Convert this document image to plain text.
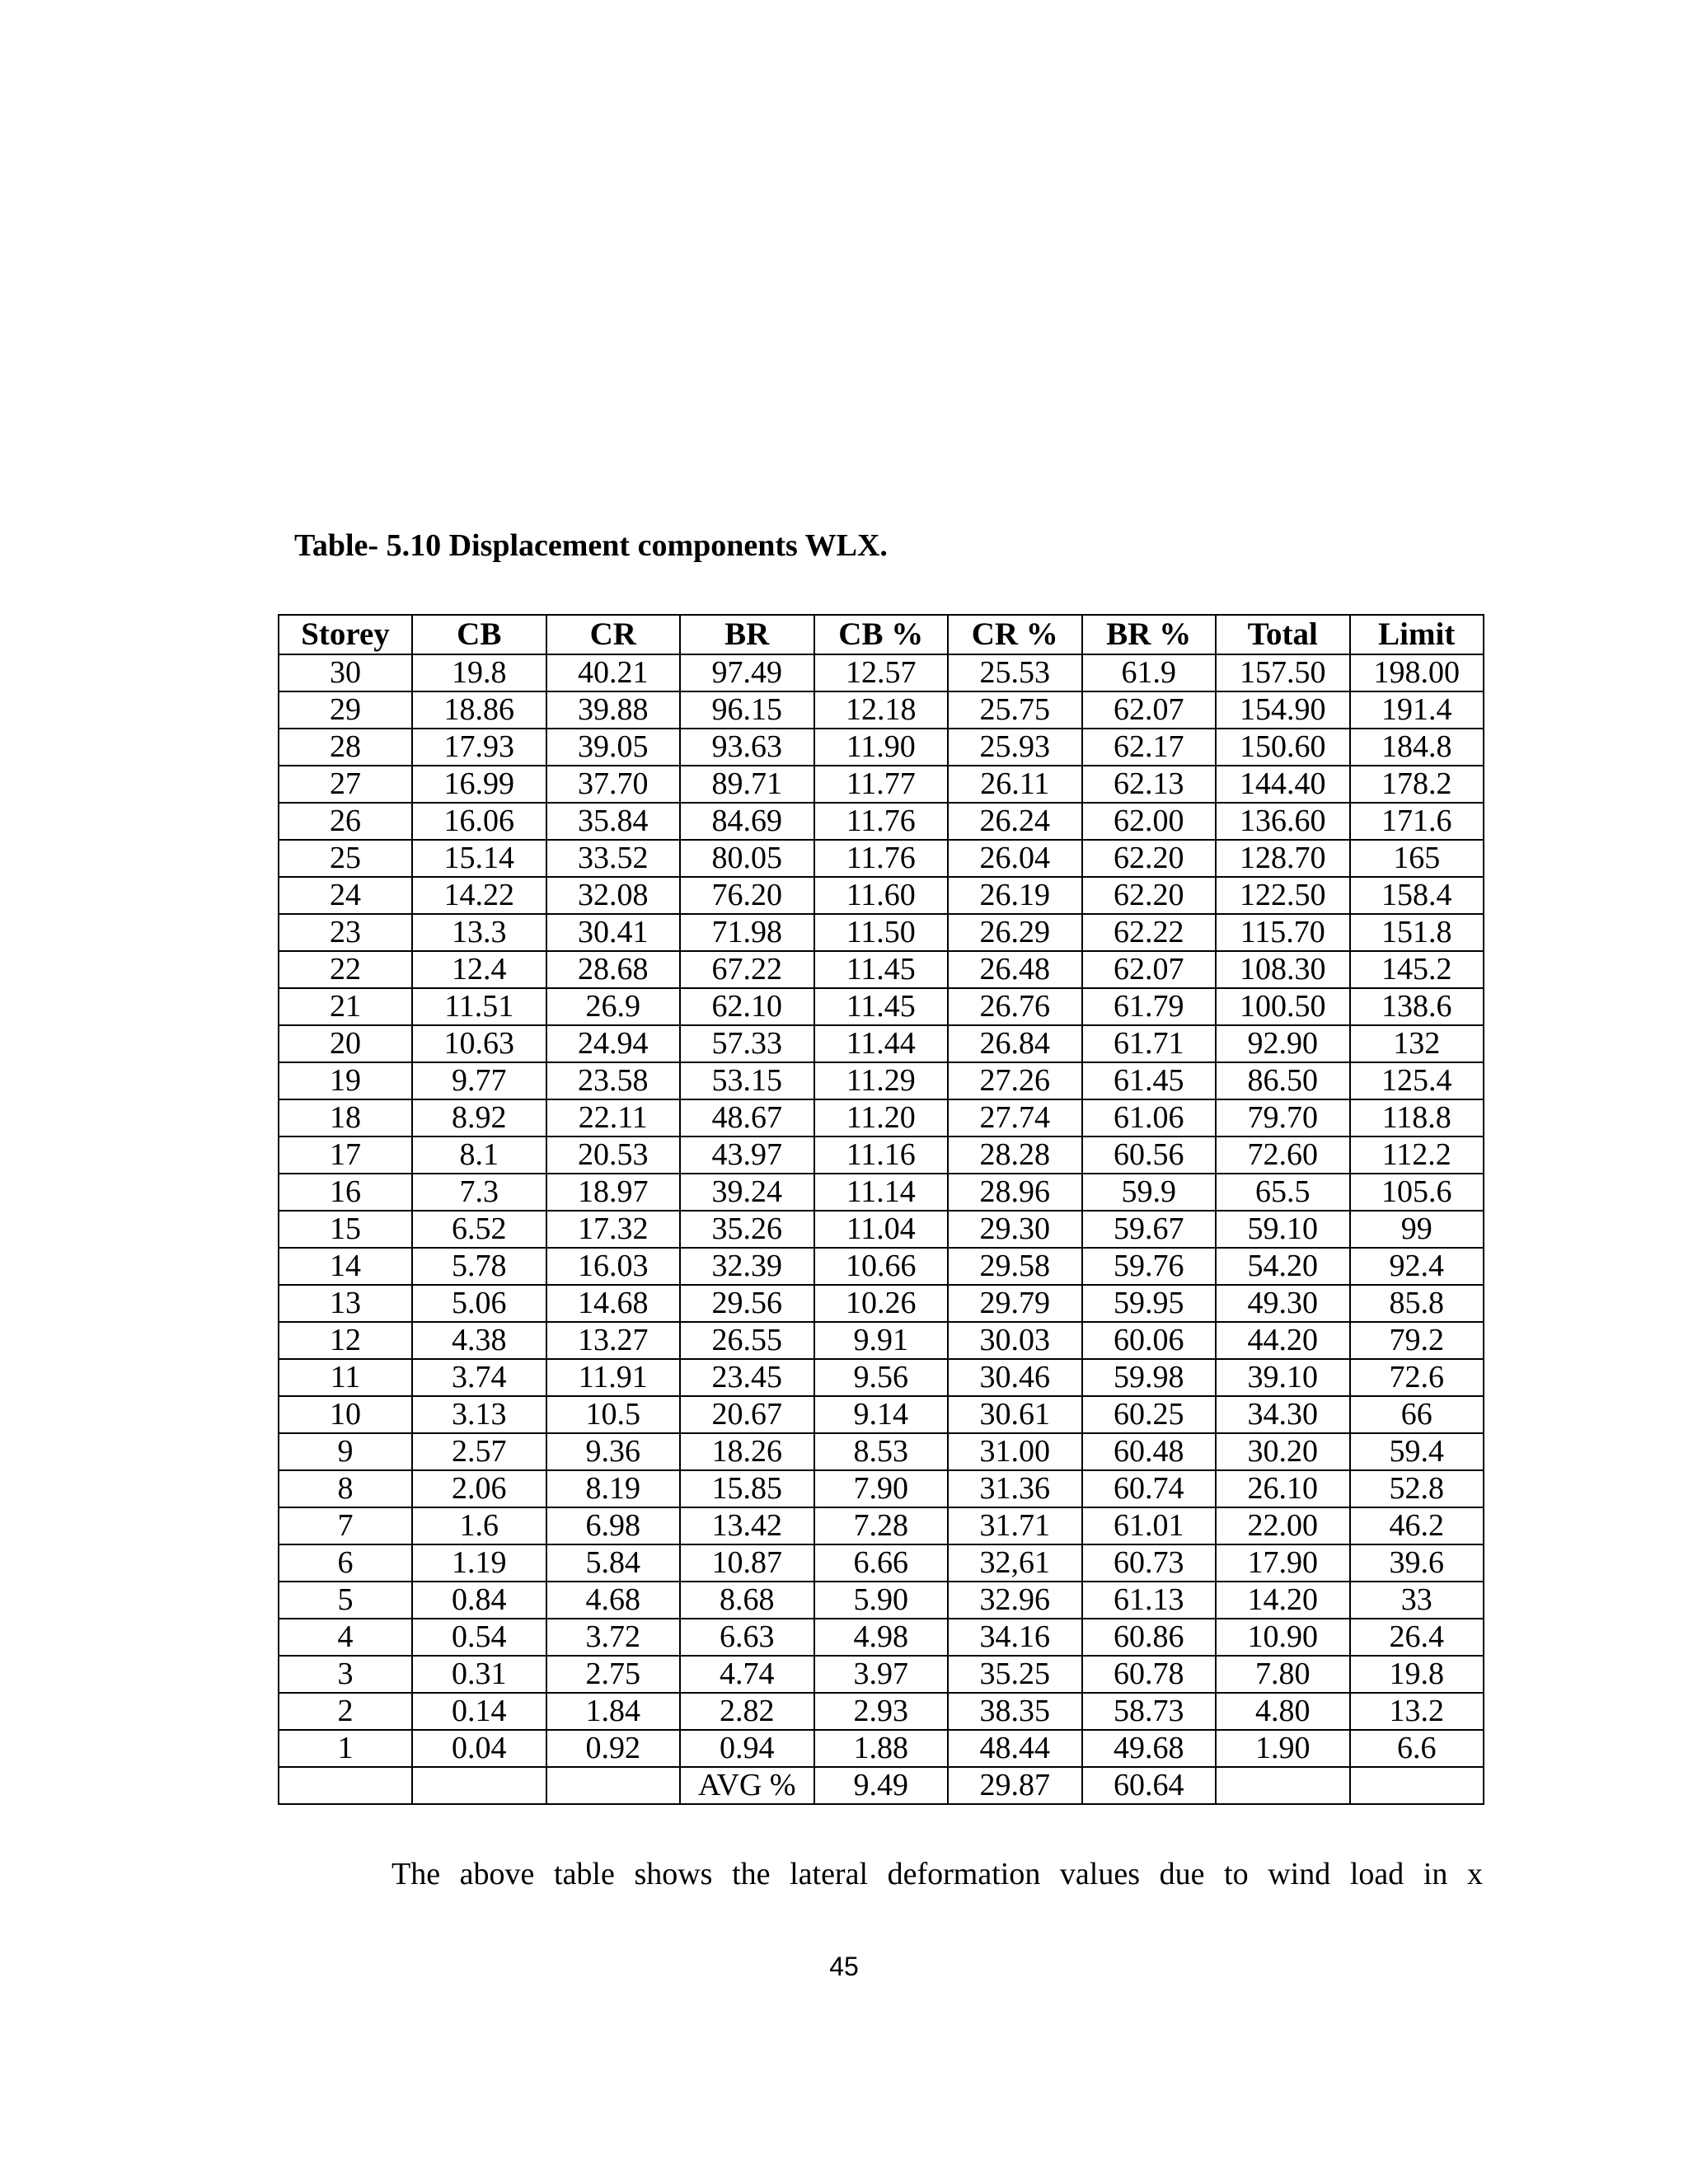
Table- 5.10 Displacement components WLX.
Storey	CB	CR	BR	CB %	CR %	BR %	Total	Limit
30	19.8	40.21	97.49	12.57	25.53	61.9	157.50	198.00
29	18.86	39.88	96.15	12.18	25.75	62.07	154.90	191.4
28	17.93	39.05	93.63	11.90	25.93	62.17	150.60	184.8
27	16.99	37.70	89.71	11.77	26.11	62.13	144.40	178.2
26	16.06	35.84	84.69	11.76	26.24	62.00	136.60	171.6
25	15.14	33.52	80.05	11.76	26.04	62.20	128.70	165
24	14.22	32.08	76.20	11.60	26.19	62.20	122.50	158.4
23	13.3	30.41	71.98	11.50	26.29	62.22	115.70	151.8
22	12.4	28.68	67.22	11.45	26.48	62.07	108.30	145.2
21	11.51	26.9	62.10	11.45	26.76	61.79	100.50	138.6
20	10.63	24.94	57.33	11.44	26.84	61.71	92.90	132
19	9.77	23.58	53.15	11.29	27.26	61.45	86.50	125.4
18	8.92	22.11	48.67	11.20	27.74	61.06	79.70	118.8
17	8.1	20.53	43.97	11.16	28.28	60.56	72.60	112.2
16	7.3	18.97	39.24	11.14	28.96	59.9	65.5	105.6
15	6.52	17.32	35.26	11.04	29.30	59.67	59.10	99
14	5.78	16.03	32.39	10.66	29.58	59.76	54.20	92.4
13	5.06	14.68	29.56	10.26	29.79	59.95	49.30	85.8
12	4.38	13.27	26.55	9.91	30.03	60.06	44.20	79.2
11	3.74	11.91	23.45	9.56	30.46	59.98	39.10	72.6
10	3.13	10.5	20.67	9.14	30.61	60.25	34.30	66
9	2.57	9.36	18.26	8.53	31.00	60.48	30.20	59.4
8	2.06	8.19	15.85	7.90	31.36	60.74	26.10	52.8
7	1.6	6.98	13.42	7.28	31.71	61.01	22.00	46.2
6	1.19	5.84	10.87	6.66	32,61	60.73	17.90	39.6
5	0.84	4.68	8.68	5.90	32.96	61.13	14.20	33
4	0.54	3.72	6.63	4.98	34.16	60.86	10.90	26.4
3	0.31	2.75	4.74	3.97	35.25	60.78	7.80	19.8
2	0.14	1.84	2.82	2.93	38.35	58.73	4.80	13.2
1	0.04	0.92	0.94	1.88	48.44	49.68	1.90	6.6
			AVG %	9.49	29.87	60.64		
The above table shows the lateral deformation values due to wind load in x
45
